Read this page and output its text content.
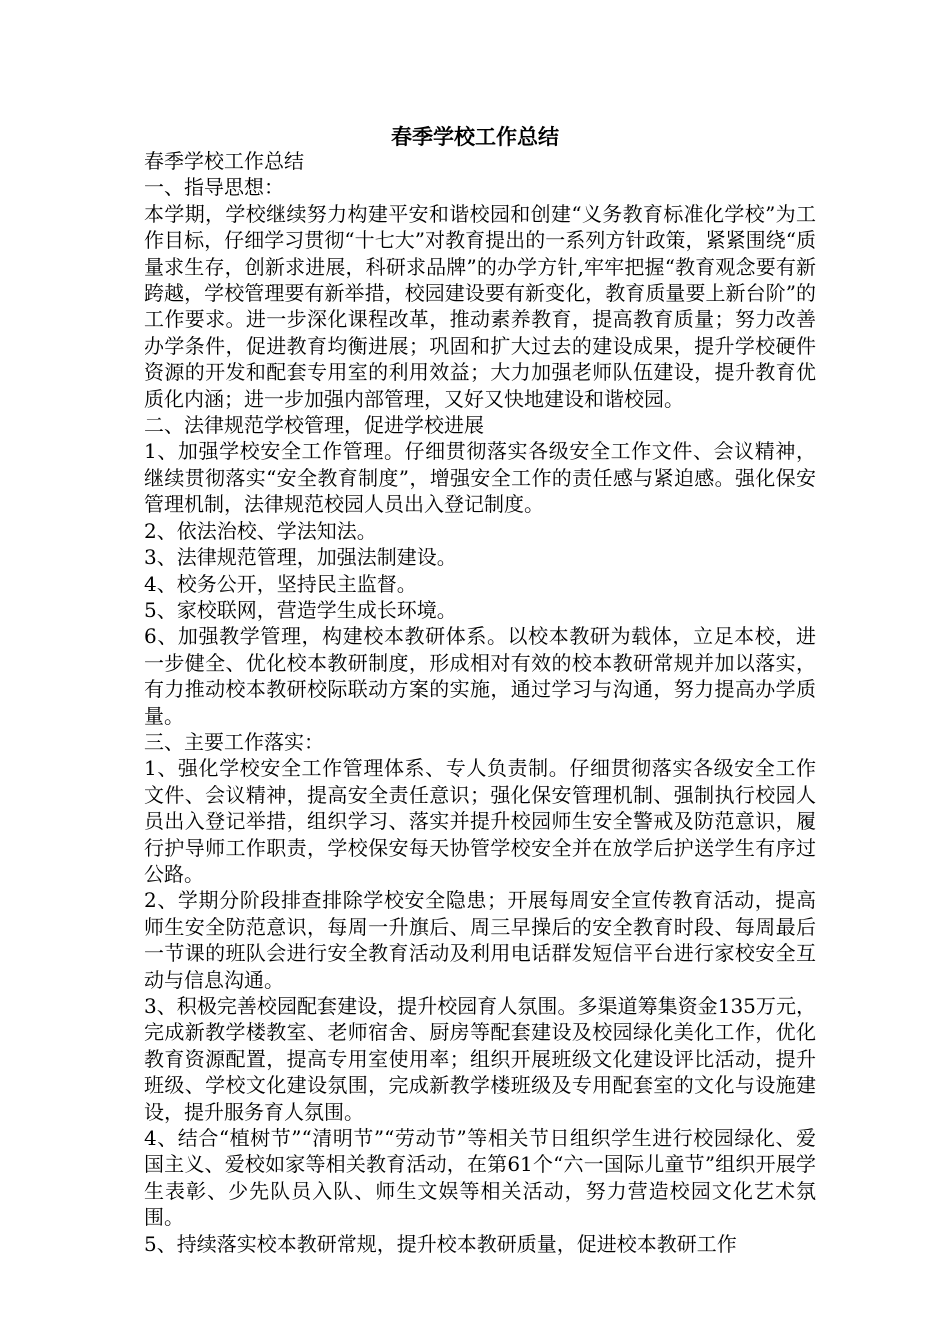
春季学校工作总结

春季学校工作总结

一、指导思想：

本学期，学校继续努力构建平安和谐校园和创建“义务教育标准化学校”为工作目标，仔细学习贯彻“十七大”对教育提出的一系列方针政策，紧紧围绕“质量求生存，创新求进展，科研求品牌”的办学方针,牢牢把握“教育观念要有新跨越，学校管理要有新举措，校园建设要有新变化，教育质量要上新台阶”的工作要求。进一步深化课程改革，推动素养教育，提高教育质量；努力改善办学条件，促进教育均衡进展；巩固和扩大过去的建设成果，提升学校硬件资源的开发和配套专用室的利用效益；大力加强老师队伍建设，提升教育优质化内涵；进一步加强内部管理，又好又快地建设和谐校园。

二、法律规范学校管理，促进学校进展

1、加强学校安全工作管理。仔细贯彻落实各级安全工作文件、会议精神，继续贯彻落实“安全教育制度”，增强安全工作的责任感与紧迫感。强化保安管理机制，法律规范校园人员出入登记制度。

2、依法治校、学法知法。

3、法律规范管理，加强法制建设。

4、校务公开，坚持民主监督。

5、家校联网，营造学生成长环境。

6、加强教学管理，构建校本教研体系。以校本教研为载体，立足本校，进一步健全、优化校本教研制度，形成相对有效的校本教研常规并加以落实，有力推动校本教研校际联动方案的实施，通过学习与沟通，努力提高办学质量。

三、主要工作落实：

1、强化学校安全工作管理体系、专人负责制。仔细贯彻落实各级安全工作文件、会议精神，提高安全责任意识；强化保安管理机制、强制执行校园人员出入登记举措，组织学习、落实并提升校园师生安全警戒及防范意识，履行护导师工作职责，学校保安每天协管学校安全并在放学后护送学生有序过公路。

2、学期分阶段排查排除学校安全隐患；开展每周安全宣传教育活动，提高师生安全防范意识，每周一升旗后、周三早操后的安全教育时段、每周最后一节课的班队会进行安全教育活动及利用电话群发短信平台进行家校安全互动与信息沟通。

3、积极完善校园配套建设，提升校园育人氛围。多渠道筹集资金135万元，完成新教学楼教室、老师宿舍、厨房等配套建设及校园绿化美化工作，优化教育资源配置，提高专用室使用率；组织开展班级文化建设评比活动，提升班级、学校文化建设氛围，完成新教学楼班级及专用配套室的文化与设施建设，提升服务育人氛围。

4、结合“植树节”“清明节”“劳动节”等相关节日组织学生进行校园绿化、爱国主义、爱校如家等相关教育活动，在第61个“六一国际儿童节”组织开展学生表彰、少先队员入队、师生文娱等相关活动，努力营造校园文化艺术氛围。

5、持续落实校本教研常规，提升校本教研质量，促进校本教研工作
